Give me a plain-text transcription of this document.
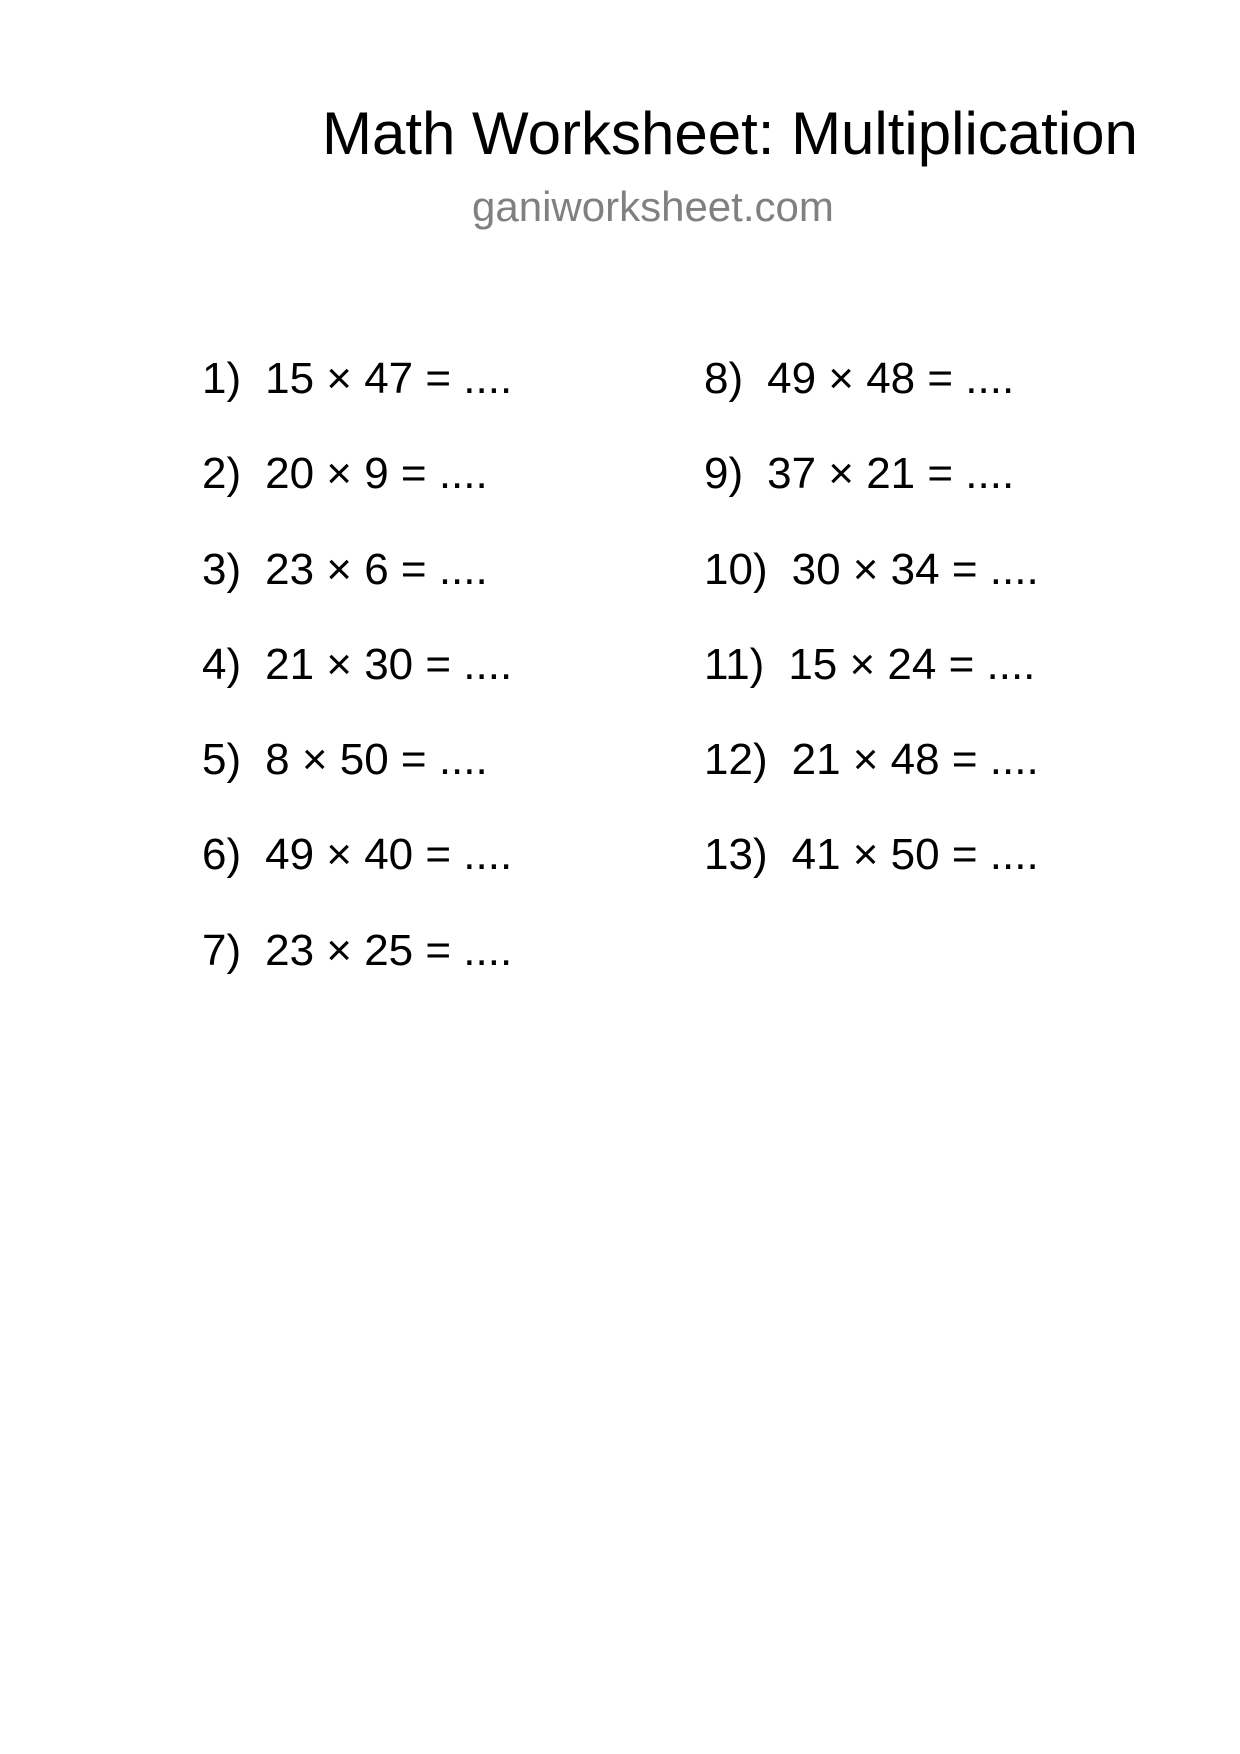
Math Worksheet: Multiplication
ganiworksheet.com
1) 15 × 47 = ....
2) 20 × 9 = ....
3) 23 × 6 = ....
4) 21 × 30 = ....
5) 8 × 50 = ....
6) 49 × 40 = ....
7) 23 × 25 = ....
8) 49 × 48 = ....
9) 37 × 21 = ....
10) 30 × 34 = ....
11) 15 × 24 = ....
12) 21 × 48 = ....
13) 41 × 50 = ....
